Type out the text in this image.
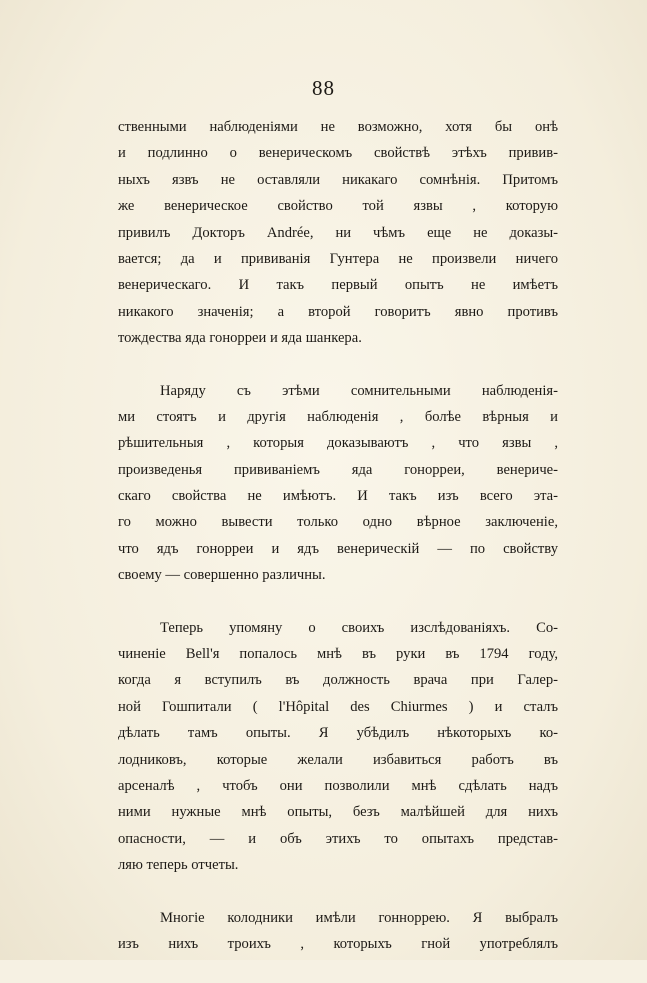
88

ственными наблюденіями не возможно, хотя бы онѣ
и подлинно о венерическомъ свойствѣ этѣхъ привив-
ныхъ язвъ не оставляли никакаго сомнѣнія. Притомъ
же венерическое свойство той язвы , которую
привилъ Докторъ Andrée, ни чѣмъ еще не доказы-
вается; да и прививанія Гунтера не произвели ничего
венерическаго. И такъ первый опытъ не имѣетъ
никакого значенія; а второй говоритъ явно противъ
тождества яда гонорреи и яда шанкера.

Наряду съ этѣми сомнительными наблюденія-
ми стоятъ и другія наблюденія , болѣе вѣрныя и
рѣшительныя , которыя доказываютъ , что язвы ,
произведенья прививаніемъ яда гонорреи, венериче-
скаго свойства не имѣютъ. И такъ изъ всего эта-
го можно вывести только одно вѣрное заключеніе,
что ядъ гонорреи и ядъ венерическій — по свойству
своему — совершенно различны.

Теперь упомяну о своихъ изслѣдованіяхъ. Со-
чиненіе Bell'я попалось мнѣ въ руки въ 1794 году,
когда я вступилъ въ должность врача при Галер-
ной Гошпитали ( l'Hôpital des Chiurmes ) и сталъ
дѣлать тамъ опыты. Я убѣдилъ нѣкоторыхъ ко-
лодниковъ, которые желали избавиться работъ въ
арсеналѣ , чтобъ они позволили мнѣ сдѣлать надъ
ними нужные мнѣ опыты, безъ малѣйшей для нихъ
опасности, — и объ этихъ то опытахъ представ-
ляю теперь отчеты.

Многіе колодники имѣли гонноррею. Я выбралъ
изъ нихъ троихъ , которыхъ гной употреблялъ
